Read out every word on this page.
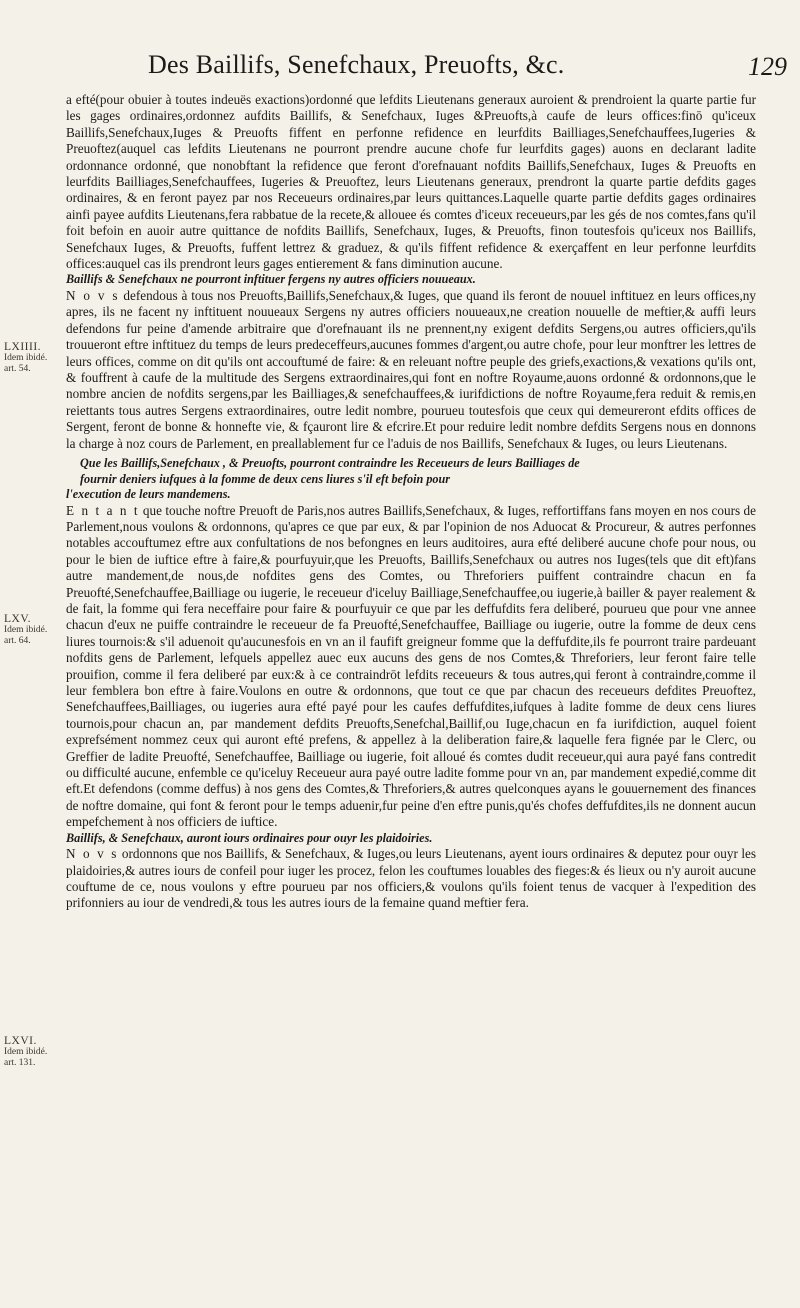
Des Baillifs, Senefchaux, Preuofts, &c.	129
LXIIII.
Idem ibidé.
art. 54.
LXV.
Idem ibidé.
art. 64.
LXVI.
Idem ibidé.
art. 131.

a efté(pour obuier à toutes indeuës exactions)ordonné que lefdits Lieutenans generaux auroient & prendroient la quarte partie fur les gages ordinaires,ordonnez aufdits Baillifs, & Senefchaux, Iuges &Preuofts,à caufe de leurs offices:finō qu'iceux Baillifs,Senefchaux,Iuges & Preuofts fiffent en perfonne refidence en leurfdits Bailliages,Senefchauffees,Iugeries & Preuoftez(auquel cas lefdits Lieutenans ne pourront prendre aucune chofe fur leurfdits gages) auons en declarant ladite ordonnance ordonné, que nonobftant la refidence que feront d'orefnauant nofdits Baillifs,Senefchaux, Iuges & Preuofts en leurfdits Bailliages,Senefchauffees, Iugeries & Preuoftez, leurs Lieutenans generaux, prendront la quarte partie defdits gages ordinaires, & en feront payez par nos Receueurs ordinaires,par leurs quittances.Laquelle quarte partie defdits gages ordinaires ainfi payee aufdits Lieutenans,fera rabbatue de la recete,& allouee és comtes d'iceux receueurs,par les gés de nos comtes,fans qu'il foit befoin en auoir autre quittance de nofdits Baillifs, Senefchaux, Iuges, & Preuofts, finon toutesfois qu'iceux nos Baillifs, Senefchaux Iuges, & Preuofts, fuffent lettrez & graduez, & qu'ils fiffent refidence & exerçaffent en leur perfonne leurfdits offices:auquel cas ils prendront leurs gages entierement & fans diminution aucune.

Baillifs & Senefchaux ne pourront inftituer fergens ny autres officiers nouueaux.

N o v s defendous à tous nos Preuofts,Baillifs,Senefchaux,& Iuges, que quand ils feront de nouuel inftituez en leurs offices,ny apres, ils ne facent ny inftituent nouueaux Sergens ny autres officiers nouueaux,ne creation nouuelle de meftier,& auffi leurs defendons fur peine d'amende arbitraire que d'orefnauant ils ne prennent,ny exigent defdits Sergens,ou autres officiers,qu'ils trouueront eftre inftituez du temps de leurs predeceffeurs,aucunes fommes d'argent,ou autre chofe, pour leur monftrer les lettres de leurs offices, comme on dit qu'ils ont accouftumé de faire: & en releuant noftre peuple des griefs,exactions,& vexations qu'ils ont, & fouffrent à caufe de la multitude des Sergens extraordinaires,qui font en noftre Royaume,auons ordonné & ordonnons,que le nombre ancien de nofdits sergens,par les Bailliages,& senefchauffees,& iurifdictions de noftre Royaume,fera reduit & remis,en reiettants tous autres Sergens extraordinaires, outre ledit nombre, pourueu toutesfois que ceux qui demeureront efdits offices de Sergent, feront de bonne & honnefte vie, & fçauront lire & efcrire.Et pour reduire ledit nombre defdits Sergens nous en donnons la charge à noz cours de Parlement, en preallablement fur ce l'aduis de nos Baillifs, Senefchaux & Iuges, ou leurs Lieutenans.

Que les Baillifs,Senefchaux , & Preuofts, pourront contraindre les Receueurs de leurs Bailliages de

fournir deniers iufques à la fomme de deux cens liures s'il eft befoin pour

l'execution de leurs mandemens.

E n t a n t que touche noftre Preuoft de Paris,nos autres Baillifs,Senefchaux, & Iuges, reffortiffans fans moyen en nos cours de Parlement,nous voulons & ordonnons, qu'apres ce que par eux, & par l'opinion de nos Aduocat & Procureur, & autres perfonnes notables accouftumez eftre aux confultations de nos befongnes en leurs auditoires, aura efté deliberé aucune chofe pour nous, ou pour le bien de iuftice eftre à faire,& pourfuyuir,que les Preuofts, Baillifs,Senefchaux ou autres nos Iuges(tels que dit eft)fans autre mandement,de nous,de nofdites gens des Comtes, ou Threforiers puiffent contraindre chacun en fa Preuofté,Senefchauffee,Bailliage ou iugerie, le receueur d'iceluy Bailliage,Senefchauffee,ou iugerie,à bailler & payer realement & de fait, la fomme qui fera neceffaire pour faire & pourfuyuir ce que par les deffufdits fera deliberé, pourueu que pour vne annee chacun d'eux ne puiffe contraindre le receueur de fa Preuofté,Senefchauffee, Bailliage ou iugerie, outre la fomme de deux cens liures tournois:& s'il aduenoit qu'aucunesfois en vn an il faufift greigneur fomme que la deffufdite,ils fe pourront traire pardeuant nofdits gens de Parlement, lefquels appellez auec eux aucuns des gens de nos Comtes,& Threforiers, leur feront faire telle prouifion, comme il fera deliberé par eux:& à ce contraindrōt lefdits receueurs & tous autres,qui feront à contraindre,comme il leur femblera bon eftre à faire.Voulons en outre & ordonnons, que tout ce que par chacun des receueurs defdites Preuoftez, Senefchauffees,Bailliages, ou iugeries aura efté payé pour les caufes deffufdites,iufques à ladite fomme de deux cens liures tournois,pour chacun an, par mandement defdits Preuofts,Senefchal,Baillif,ou Iuge,chacun en fa iurifdiction, auquel foient exprefsément nommez ceux qui auront efté prefens, & appellez à la deliberation faire,& laquelle fera fignée par le Clerc, ou Greffier de ladite Preuofté, Senefchauffee, Bailliage ou iugerie, foit alloué és comtes dudit receueur,qui aura payé fans contredit ou difficulté aucune, enfemble ce qu'iceluy Receueur aura payé outre ladite fomme pour vn an, par mandement expedié,comme dit eft.Et defendons (comme deffus) à nos gens des Comtes,& Threforiers,& autres quelconques ayans le gouuernement des finances de noftre domaine, qui font & feront pour le temps aduenir,fur peine d'en eftre punis,qu'és chofes deffufdites,ils ne donnent aucun empefchement à nos officiers de iuftice.

Baillifs, & Senefchaux, auront iours ordinaires pour ouyr les plaidoiries.

N o v s ordonnons que nos Baillifs, & Senefchaux, & Iuges,ou leurs Lieutenans, ayent iours ordinaires & deputez pour ouyr les plaidoiries,& autres iours de confeil pour iuger les procez, felon les couftumes louables des fieges:& és lieux ou n'y auroit aucune couftume de ce, nous voulons y eftre pourueu par nos officiers,& voulons qu'ils foient tenus de vacquer à l'expedition des prifonniers au iour de vendredi,& tous les autres iours de la femaine quand meftier fera.
